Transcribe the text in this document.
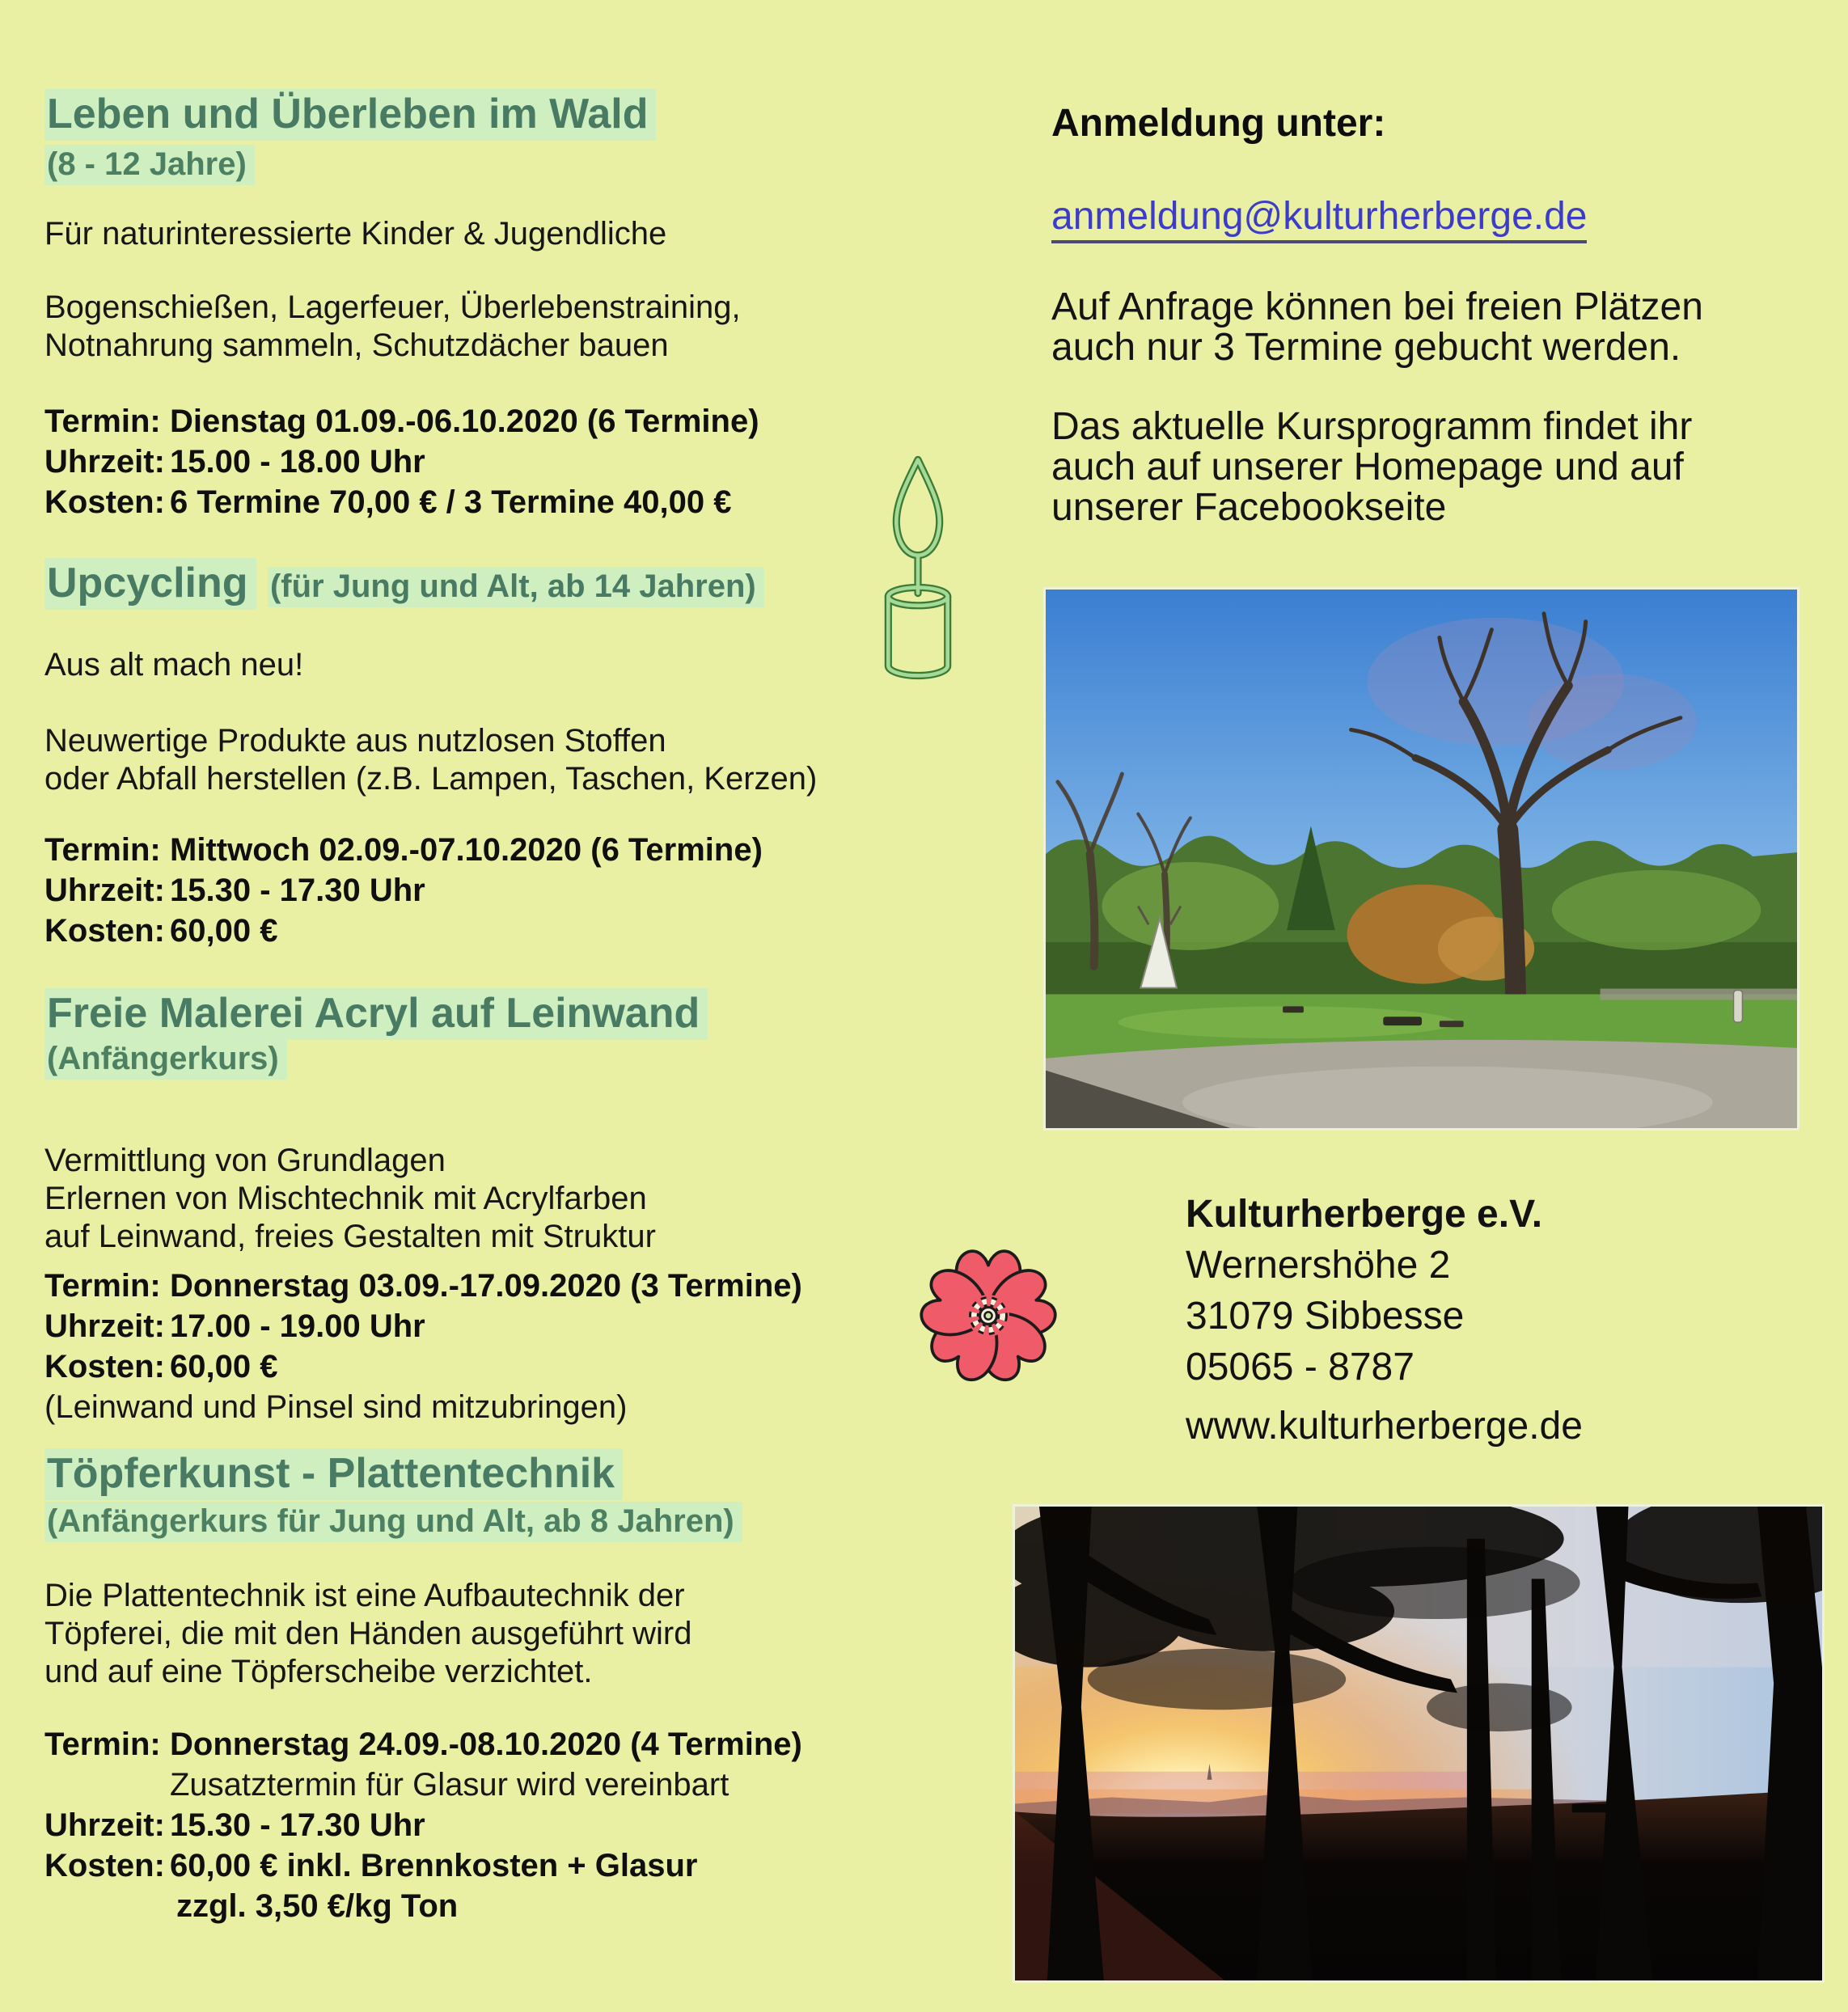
Leben und Überleben im Wald
(8 - 12 Jahre)
Für naturinteressierte Kinder & Jugendliche
Bogenschießen, Lagerfeuer, Überlebenstraining,
Notnahrung sammeln, Schutzdächer bauen
Termin: Dienstag 01.09.-06.10.2020 (6 Termine)
Uhrzeit: 15.00 - 18.00 Uhr
Kosten: 6 Termine 70,00 € / 3 Termine 40,00 €
Upcycling (für Jung und Alt, ab 14 Jahren)
Aus alt mach neu!
Neuwertige Produkte aus nutzlosen Stoffen
oder Abfall herstellen (z.B. Lampen, Taschen, Kerzen)
Termin: Mittwoch 02.09.-07.10.2020 (6 Termine)
Uhrzeit: 15.30 - 17.30 Uhr
Kosten: 60,00 €
Freie Malerei Acryl auf Leinwand
(Anfängerkurs)
Vermittlung von Grundlagen
Erlernen von Mischtechnik mit Acrylfarben
auf Leinwand, freies Gestalten mit Struktur
Termin: Donnerstag 03.09.-17.09.2020 (3 Termine)
Uhrzeit: 17.00 - 19.00 Uhr
Kosten: 60,00 €
(Leinwand und Pinsel sind mitzubringen)
Töpferkunst - Plattentechnik
(Anfängerkurs für Jung und Alt, ab 8 Jahren)
Die Plattentechnik ist eine Aufbautechnik der
Töpferei, die mit den Händen ausgeführt wird
und auf eine Töpferscheibe verzichtet.
Termin: Donnerstag 24.09.-08.10.2020 (4 Termine)
Zusatztermin für Glasur wird vereinbart
Uhrzeit: 15.30 - 17.30 Uhr
Kosten: 60,00 € inkl. Brennkosten + Glasur
zzgl. 3,50 €/kg Ton
Anmeldung unter:
anmeldung@kulturherberge.de
Auf Anfrage können bei freien Plätzen
auch nur 3 Termine gebucht werden.
Das aktuelle Kursprogramm findet ihr
auch auf unserer Homepage und auf
unserer Facebookseite
Kulturherberge e.V.
Wernershöhe 2
31079 Sibbesse
05065 - 8787
www.kulturherberge.de
